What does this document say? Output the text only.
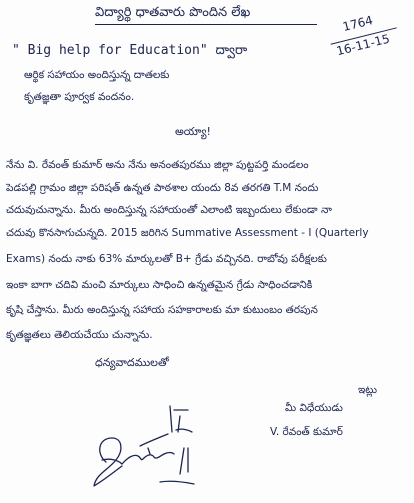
విద్యార్థి ధాతవారు పొందిన లేఖ
1764
16-11-15
" Big help for Education" ద్వారా
ఆర్థిక సహాయం అందిస్తున్న దాతలకు
కృతజ్ఞతా పూర్వక వందనం.
అయ్యా!
నేను వి. రేవంత్ కుమార్ అను నేను అనంతపురము జిల్లా పుట్టపర్తి మండలం
పెడపల్లి గ్రామం జిల్లా పరిషత్ ఉన్నత పాఠశాల యందు 8వ తరగతి T.M నందు
చదువుచున్నాను. మీరు అందిస్తున్న సహాయంతో ఎలాంటి ఇబ్బందులు లేకుండా నా
చదువు కొనసాగుచున్నది. 2015 జరిగిన Summative Assessment - I (Quarterly
Exams) నందు నాకు 63% మార్కులతో B+ గ్రేడు వచ్చినది. రాబోవు పరీక్షలకు
ఇంకా బాగా చదివి మంచి మార్కులు సాధించి ఉన్నతమైన గ్రేడు సాధించడానికి
కృషి చేస్తాను. మీరు అందిస్తున్న సహాయ సహకారాలకు మా కుటుంబం తరపున
కృతజ్ఞతలు తెలియచేయు చున్నాను.
ధన్యవాదములతో
ఇట్లు
మీ విధేయుడు
V. రేవంత్ కుమార్
